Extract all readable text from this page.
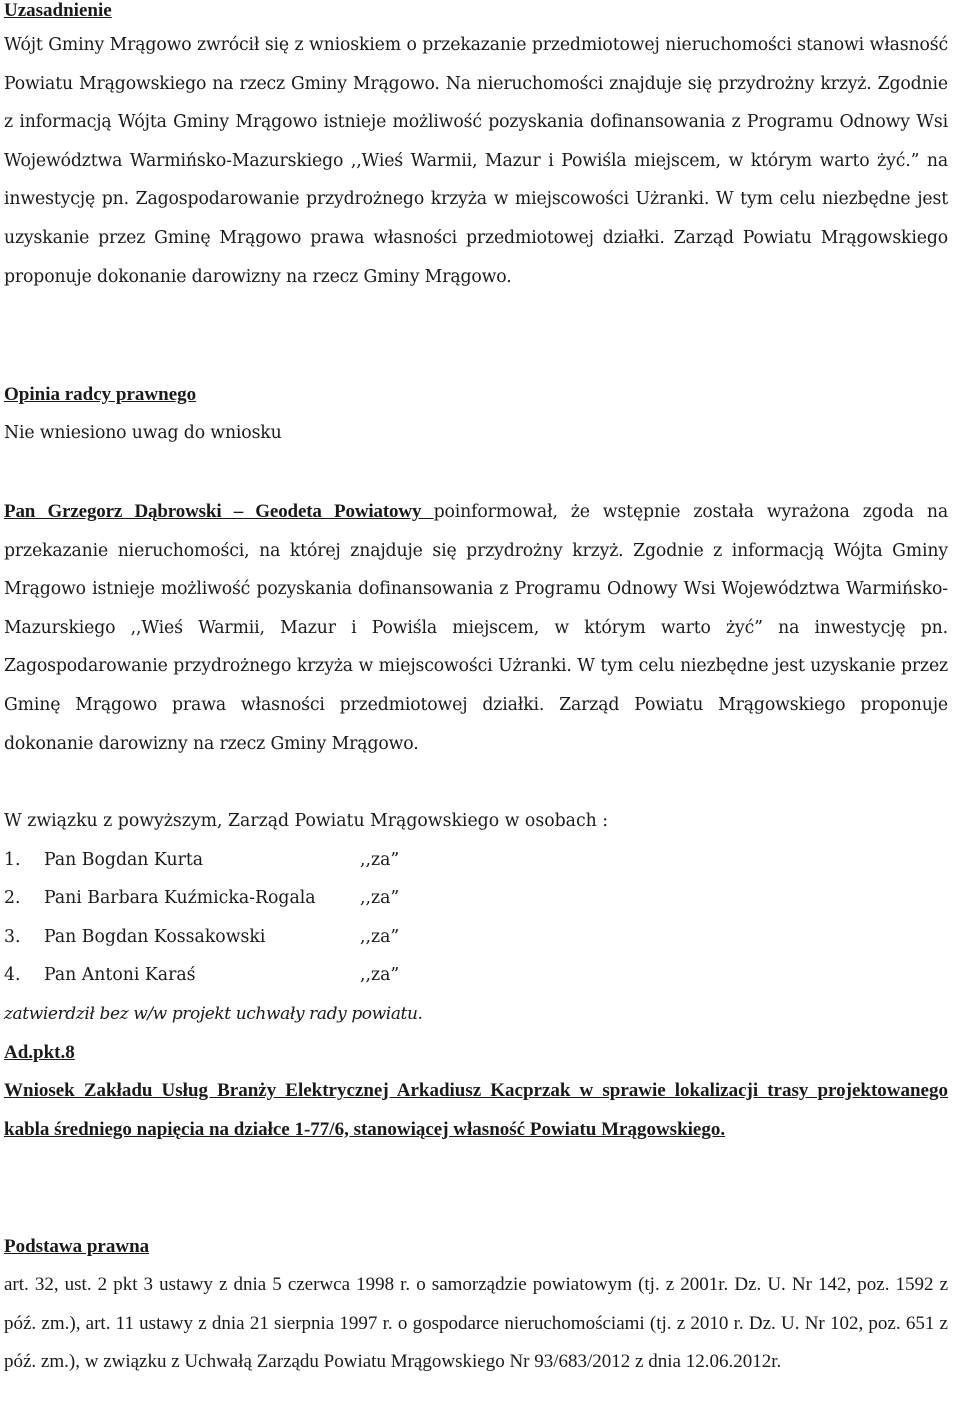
Uzasadnienie

Wójt Gminy Mrągowo zwrócił się z wnioskiem o przekazanie przedmiotowej nieruchomości stanowi własność Powiatu Mrągowskiego na rzecz Gminy Mrągowo. Na nieruchomości znajduje się przydrożny krzyż. Zgodnie z informacją Wójta Gminy Mrągowo istnieje możliwość pozyskania dofinansowania z Programu Odnowy Wsi Województwa Warmińsko-Mazurskiego ,,Wieś Warmii, Mazur i Powiśla miejscem, w którym warto żyć.” na inwestycję pn. Zagospodarowanie przydrożnego krzyża w miejscowości Użranki. W tym celu niezbędne jest uzyskanie przez Gminę Mrągowo prawa własności przedmiotowej działki. Zarząd Powiatu Mrągowskiego proponuje dokonanie darowizny na rzecz Gminy Mrągowo.

Opinia radcy prawnego

Nie wniesiono uwag do wniosku

Pan Grzegorz Dąbrowski – Geodeta Powiatowy poinformował, że wstępnie została wyrażona zgoda na przekazanie nieruchomości, na której znajduje się przydrożny krzyż. Zgodnie z informacją Wójta Gminy Mrągowo istnieje możliwość pozyskania dofinansowania z Programu Odnowy Wsi Województwa Warmińsko-Mazurskiego ,,Wieś Warmii, Mazur i Powiśla miejscem, w którym warto żyć” na inwestycję pn. Zagospodarowanie przydrożnego krzyża w miejscowości Użranki. W tym celu niezbędne jest uzyskanie przez Gminę Mrągowo prawa własności przedmiotowej działki. Zarząd Powiatu Mrągowskiego proponuje dokonanie darowizny na rzecz Gminy Mrągowo.

W związku z powyższym, Zarząd Powiatu Mrągowskiego w osobach :

1.	Pan Bogdan Kurta	,,za”
2.	Pani Barbara Kuźmicka-Rogala	,,za”
3.	Pan Bogdan Kossakowski	,,za”
4.	Pan Antoni Karaś	,,za”

zatwierdził bez w/w projekt uchwały rady powiatu.

Ad.pkt.8

Wniosek Zakładu Usług Branży Elektrycznej Arkadiusz Kacprzak w sprawie lokalizacji trasy projektowanego kabla średniego napięcia na działce 1-77/6, stanowiącej własność Powiatu Mrągowskiego.

Podstawa prawna

art. 32, ust. 2 pkt 3 ustawy z dnia 5 czerwca 1998 r. o samorządzie powiatowym (tj. z 2001r. Dz. U. Nr 142, poz. 1592 z póź. zm.), art. 11 ustawy z dnia 21 sierpnia 1997 r. o gospodarce nieruchomościami (tj. z 2010 r. Dz. U. Nr 102, poz. 651 z póź. zm.), w związku z Uchwałą Zarządu Powiatu Mrągowskiego Nr 93/683/2012 z dnia 12.06.2012r.
